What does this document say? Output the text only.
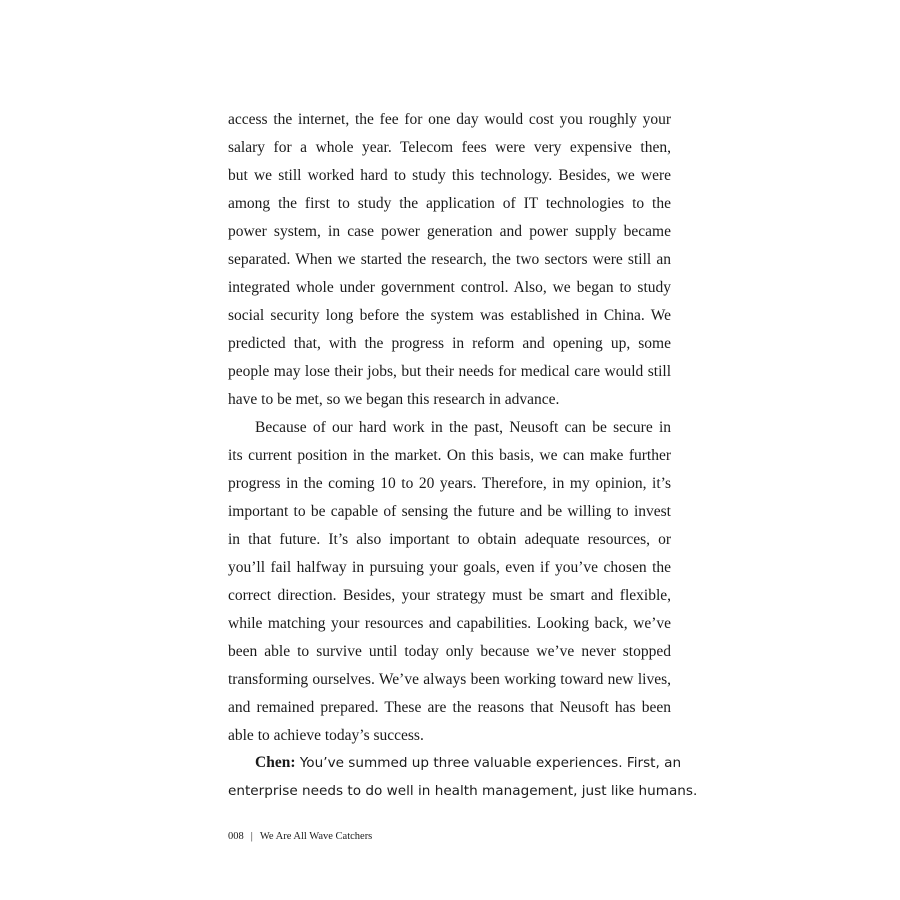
access the internet, the fee for one day would cost you roughly your
salary for a whole year. Telecom fees were very expensive then,
but we still worked hard to study this technology. Besides, we were
among the first to study the application of IT technologies to the
power system, in case power generation and power supply became
separated. When we started the research, the two sectors were still an
integrated whole under government control. Also, we began to study
social security long before the system was established in China. We
predicted that, with the progress in reform and opening up, some
people may lose their jobs, but their needs for medical care would still
have to be met, so we began this research in advance.
Because of our hard work in the past, Neusoft can be secure in
its current position in the market. On this basis, we can make further
progress in the coming 10 to 20 years. Therefore, in my opinion, it’s
important to be capable of sensing the future and be willing to invest
in that future. It’s also important to obtain adequate resources, or
you’ll fail halfway in pursuing your goals, even if you’ve chosen the
correct direction. Besides, your strategy must be smart and flexible,
while matching your resources and capabilities. Looking back, we’ve
been able to survive until today only because we’ve never stopped
transforming ourselves. We’ve always been working toward new lives,
and remained prepared. These are the reasons that Neusoft has been
able to achieve today’s success.
Chen: You’ve summed up three valuable experiences. First, an
enterprise needs to do well in health management, just like humans.
008 | We Are All Wave Catchers
